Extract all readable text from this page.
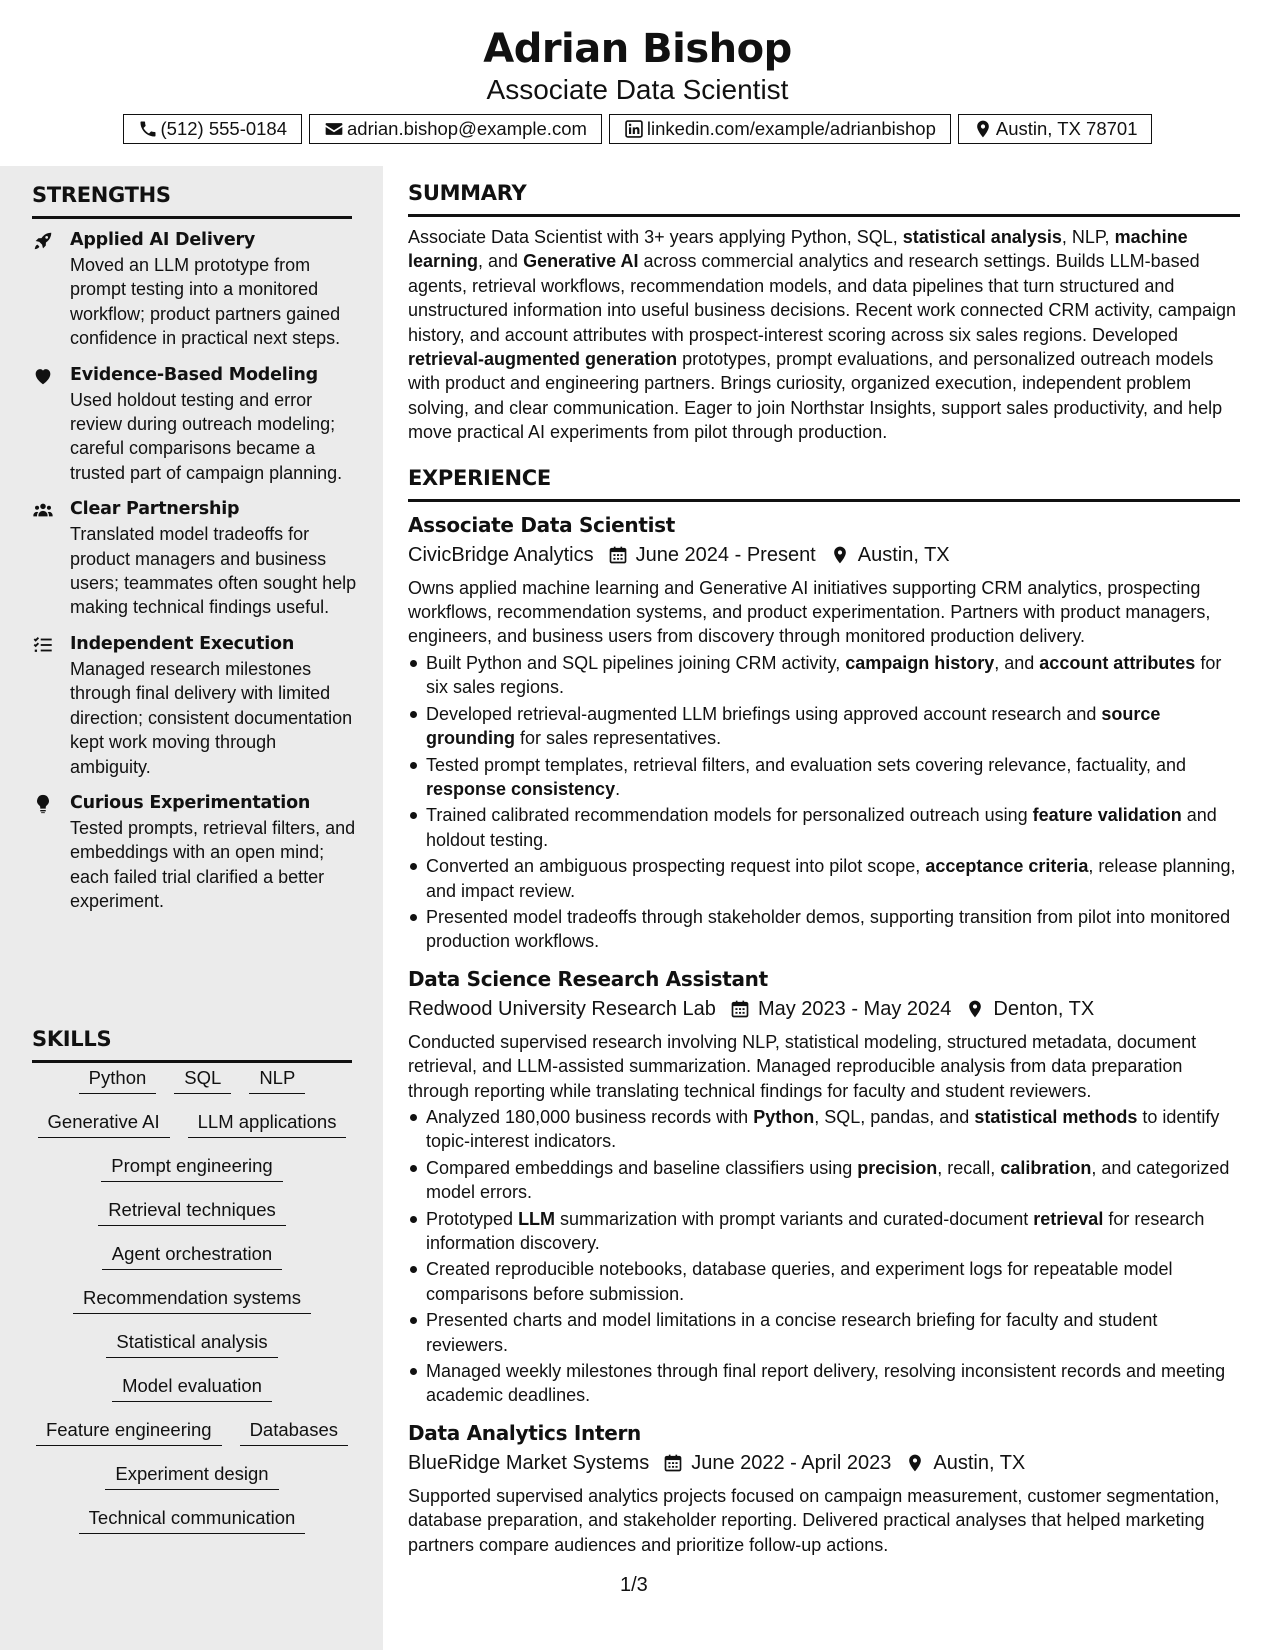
Adrian Bishop
Associate Data Scientist
(512) 555-0184	adrian.bishop@example.com	linkedin.com/example/adrianbishop	Austin, TX 78701
STRENGTHS
Applied AI Delivery
Moved an LLM prototype from prompt testing into a monitored workflow; product partners gained confidence in practical next steps.
Evidence-Based Modeling
Used holdout testing and error review during outreach modeling; careful comparisons became a trusted part of campaign planning.
Clear Partnership
Translated model tradeoffs for product managers and business users; teammates often sought help making technical findings useful.
Independent Execution
Managed research milestones through final delivery with limited direction; consistent documentation kept work moving through ambiguity.
Curious Experimentation
Tested prompts, retrieval filters, and embeddings with an open mind; each failed trial clarified a better experiment.
SKILLS
Python	SQL	NLP
Generative AI	LLM applications
Prompt engineering
Retrieval techniques
Agent orchestration
Recommendation systems
Statistical analysis
Model evaluation
Feature engineering	Databases
Experiment design
Technical communication
SUMMARY
Associate Data Scientist with 3+ years applying Python, SQL, statistical analysis, NLP, machine learning, and Generative AI across commercial analytics and research settings. Builds LLM-based agents, retrieval workflows, recommendation models, and data pipelines that turn structured and unstructured information into useful business decisions. Recent work connected CRM activity, campaign history, and account attributes with prospect-interest scoring across six sales regions. Developed retrieval-augmented generation prototypes, prompt evaluations, and personalized outreach models with product and engineering partners. Brings curiosity, organized execution, independent problem solving, and clear communication. Eager to join Northstar Insights, support sales productivity, and help move practical AI experiments from pilot through production.
EXPERIENCE
Associate Data Scientist
CivicBridge Analytics June 2024 - Present Austin, TX
Owns applied machine learning and Generative AI initiatives supporting CRM analytics, prospecting workflows, recommendation systems, and product experimentation. Partners with product managers, engineers, and business users from discovery through monitored production delivery.
Built Python and SQL pipelines joining CRM activity, campaign history, and account attributes for six sales regions.
Developed retrieval-augmented LLM briefings using approved account research and source grounding for sales representatives.
Tested prompt templates, retrieval filters, and evaluation sets covering relevance, factuality, and response consistency.
Trained calibrated recommendation models for personalized outreach using feature validation and holdout testing.
Converted an ambiguous prospecting request into pilot scope, acceptance criteria, release planning, and impact review.
Presented model tradeoffs through stakeholder demos, supporting transition from pilot into monitored production workflows.
Data Science Research Assistant
Redwood University Research Lab May 2023 - May 2024 Denton, TX
Conducted supervised research involving NLP, statistical modeling, structured metadata, document retrieval, and LLM-assisted summarization. Managed reproducible analysis from data preparation through reporting while translating technical findings for faculty and student reviewers.
Analyzed 180,000 business records with Python, SQL, pandas, and statistical methods to identify topic-interest indicators.
Compared embeddings and baseline classifiers using precision, recall, calibration, and categorized model errors.
Prototyped LLM summarization with prompt variants and curated-document retrieval for research information discovery.
Created reproducible notebooks, database queries, and experiment logs for repeatable model comparisons before submission.
Presented charts and model limitations in a concise research briefing for faculty and student reviewers.
Managed weekly milestones through final report delivery, resolving inconsistent records and meeting academic deadlines.
Data Analytics Intern
BlueRidge Market Systems June 2022 - April 2023 Austin, TX
Supported supervised analytics projects focused on campaign measurement, customer segmentation, database preparation, and stakeholder reporting. Delivered practical analyses that helped marketing partners compare audiences and prioritize follow-up actions.
1/3
